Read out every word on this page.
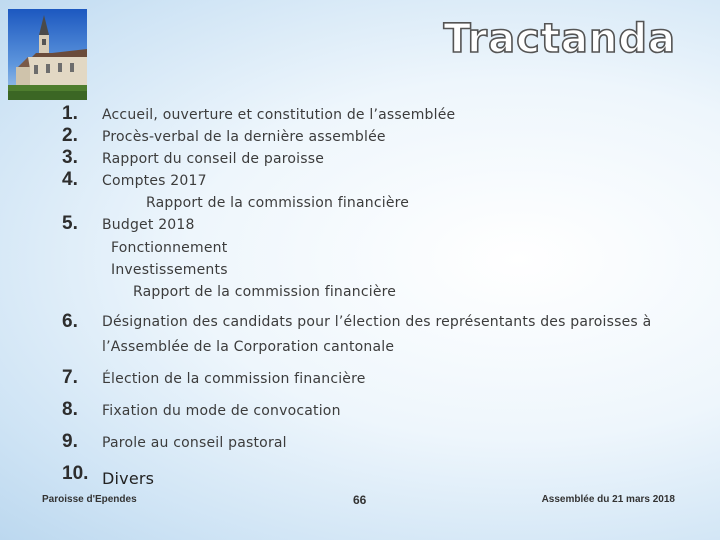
Tractanda
1. Accueil, ouverture et constitution de l’assemblée
2. Procès-verbal de la dernière assemblée
3. Rapport du conseil de paroisse
4. Comptes 2017
Rapport de la commission financière
5. Budget 2018
Fonctionnement
Investissements
Rapport de la commission financière
6. Désignation des candidats pour l’élection des représentants des paroisses à
l’Assemblée de la Corporation cantonale
7. Élection de la commission financière
8. Fixation du mode de convocation
9. Parole au conseil pastoral
10. Divers
Paroisse d'Ependes	66	Assemblée du 21 mars 2018
